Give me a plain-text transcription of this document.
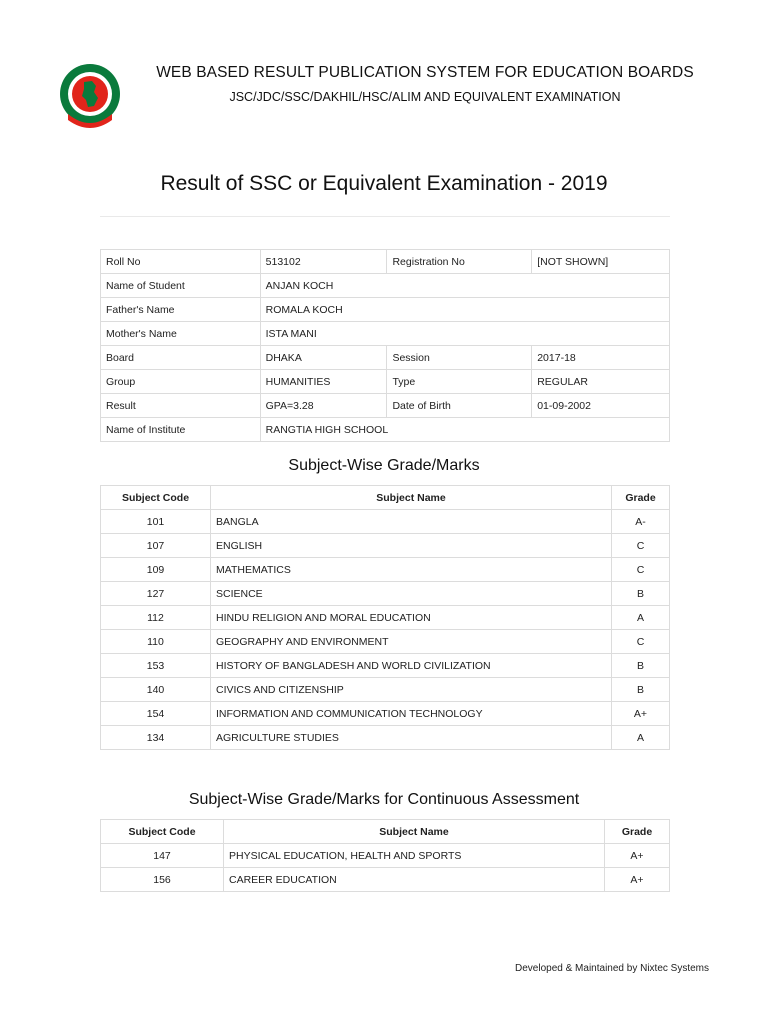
WEB BASED RESULT PUBLICATION SYSTEM FOR EDUCATION BOARDS
JSC/JDC/SSC/DAKHIL/HSC/ALIM AND EQUIVALENT EXAMINATION
Result of SSC or Equivalent Examination - 2019
Roll No	513102	Registration No	[NOT SHOWN]
Name of Student	ANJAN KOCH		
Father's Name	ROMALA KOCH		
Mother's Name	ISTA MANI		
Board	DHAKA	Session	2017-18
Group	HUMANITIES	Type	REGULAR
Result	GPA=3.28	Date of Birth	01-09-2002
Name of Institute	RANGTIA HIGH SCHOOL		
Subject-Wise Grade/Marks
Subject Code	Subject Name	Grade
101	BANGLA	A-
107	ENGLISH	C
109	MATHEMATICS	C
127	SCIENCE	B
112	HINDU RELIGION AND MORAL EDUCATION	A
110	GEOGRAPHY AND ENVIRONMENT	C
153	HISTORY OF BANGLADESH AND WORLD CIVILIZATION	B
140	CIVICS AND CITIZENSHIP	B
154	INFORMATION AND COMMUNICATION TECHNOLOGY	A+
134	AGRICULTURE STUDIES	A
Subject-Wise Grade/Marks for Continuous Assessment
Subject Code	Subject Name	Grade
147	PHYSICAL EDUCATION, HEALTH AND SPORTS	A+
156	CAREER EDUCATION	A+
Developed & Maintained by Nixtec Systems
